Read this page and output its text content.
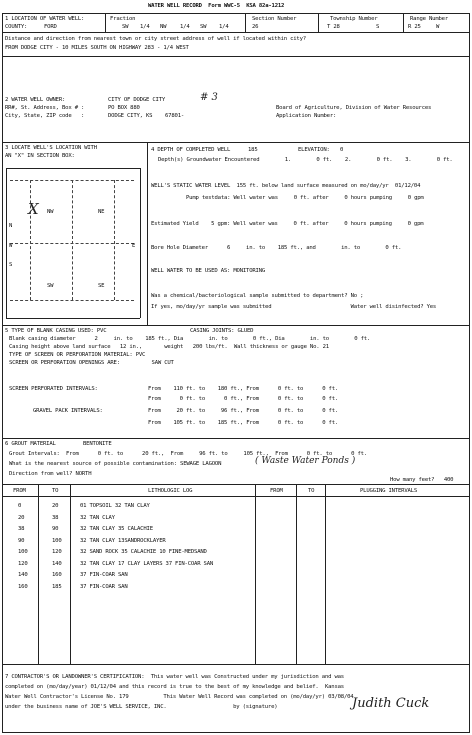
WATER WELL RECORD  Form WWC-5  KSA 82a-1212
1 LOCATION OF WATER WELL:
COUNTY:	FORD
Fraction
SW 1/4 NW 1/4 SW 1/4
Section Number
26
Township Number
T 28	S
Range Number
R 25	W
Distance and direction from nearest town or city street address of well if located within city?
FROM DODGE CITY - 10 MILES SOUTH ON HIGHWAY 283 - 1/4 WEST
2 WATER WELL OWNER:	CITY OF DODGE CITY	# 3
RR#, St. Address, Box # :	PO BOX 880
City, State, ZIP code   :	DODGE CITY, KS    67801-
Board of Agriculture, Division of Water Resources
Application Number:
3 LOCATE WELL'S LOCATION WITH
AN "X" IN SECTION BOX:
NW	NE
SW	SE
W	E
N
S
X
4 DEPTH OF COMPLETED WELL	185	ELEVATION: 0
Depth(s) Groundwater Encountered        1.        0 ft.    2.        0 ft.    3.        0 ft.
WELL'S STATIC WATER LEVEL  155 ft. below land surface measured on mo/day/yr  01/12/04
Pump testdata: Well water was     0 ft. after     0 hours pumping     0 gpm
Estimated Yield    5 gpm: Well water was     0 ft. after     0 hours pumping     0 gpm
Bore Hole Diameter      6     in. to    185 ft., and        in. to        0 ft.
WELL WATER TO BE USED AS: MONITORING
Was a chemical/bacteriological sample submitted to department? No ;
If yes, mo/day/yr sample was submitted                         Water well disinfected? Yes
5 TYPE OF BLANK CASING USED: PVC	CASING JOINTS: GLUED
Blank casing diameter      2     in. to    185 ft., Dia        in. to        0 ft., Dia        in. to        0 ft.
Casing height above land surface   12 in.,       weight   200 lbs/ft.  Wall thickness or gauge No. 21
TYPE OF SCREEN OR PERFORATION MATERIAL: PVC
SCREEN OR PERFORATION OPENINGS ARE:          SAW CUT
SCREEN PERFORATED INTERVALS:	From    110 ft. to    180 ft., From      0 ft. to      0 ft.
From      0 ft. to      0 ft., From      0 ft. to      0 ft.
GRAVEL PACK INTERVALS:	From     20 ft. to     96 ft., From      0 ft. to      0 ft.
From    105 ft. to    185 ft., From      0 ft. to      0 ft.
6 GROUT MATERIAL	BENTONITE
Grout Intervals:  From      0 ft. to      20 ft.,  From     96 ft. to     105 ft.,  From      0 ft. to      0 ft.
What is the nearest source of possible contamination: SEWAGE LAGOON	( Waste Water Ponds )
Direction from well? NORTH
How many feet?   400
FROM	TO	LITHOLOGIC LOG	FROM	TO	PLUGGING INTERVALS
0	20	01 TOPSOIL 32 TAN CLAY
20	38	32 TAN CLAY
38	90	32 TAN CLAY 35 CALACHIE
90	100	32 TAN CLAY 13SANDROCKLAYER
100	120	32 SAND ROCK 35 CALACHIE 10 FINE-MEDSAND
120	140	32 TAN CLAY 17 CLAY LAYERS 37 FIN-COAR SAN
140	160	37 FIN-COAR SAN
160	185	37 FIN-COAR SAN
7 CONTRACTOR'S OR LANDOWNER'S CERTIFICATION:  This water well was Constructed under my jurisdiction and was
completed on (mo/day/year) 01/12/04 and this record is true to the best of my knowledge and belief.  Kansas
Water Well Contractor's License No. 179           This Water Well Record was completed on (mo/day/yr) 03/08/04
under the business name of JOE'S WELL SERVICE, INC.                     by (signature)	Judith Cuck
